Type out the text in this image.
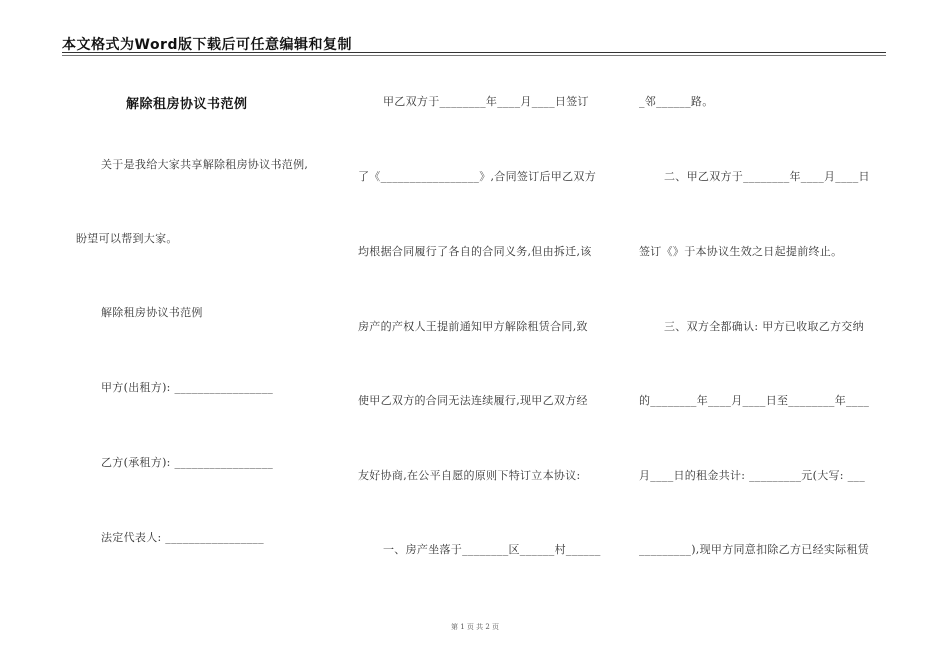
本文格式为Word版下载后可任意编辑和复制
解除租房协议书范例
关于是我给大家共享解除租房协议书范例,
盼望可以帮到大家。
解除租房协议书范例
甲方(出租方): _________________
乙方(承租方): _________________
法定代表人: _________________
甲乙双方于________年____月____日签订
了《_________________》,合同签订后甲乙双方
均根据合同履行了各自的合同义务,但由拆迁,该
房产的产权人王提前通知甲方解除租赁合同,致
使甲乙双方的合同无法连续履行,现甲乙双方经
友好协商,在公平自愿的原则下特订立本协议:
一、房产坐落于________区______村______
_邻______路。
二、甲乙双方于________年____月____日
签订《》于本协议生效之日起提前终止。
三、双方全都确认: 甲方已收取乙方交纳
的________年____月____日至________年____
月____日的租金共计: _________元(大写: ___
_________),现甲方同意扣除乙方已经实际租赁
第 1 页 共 2 页
